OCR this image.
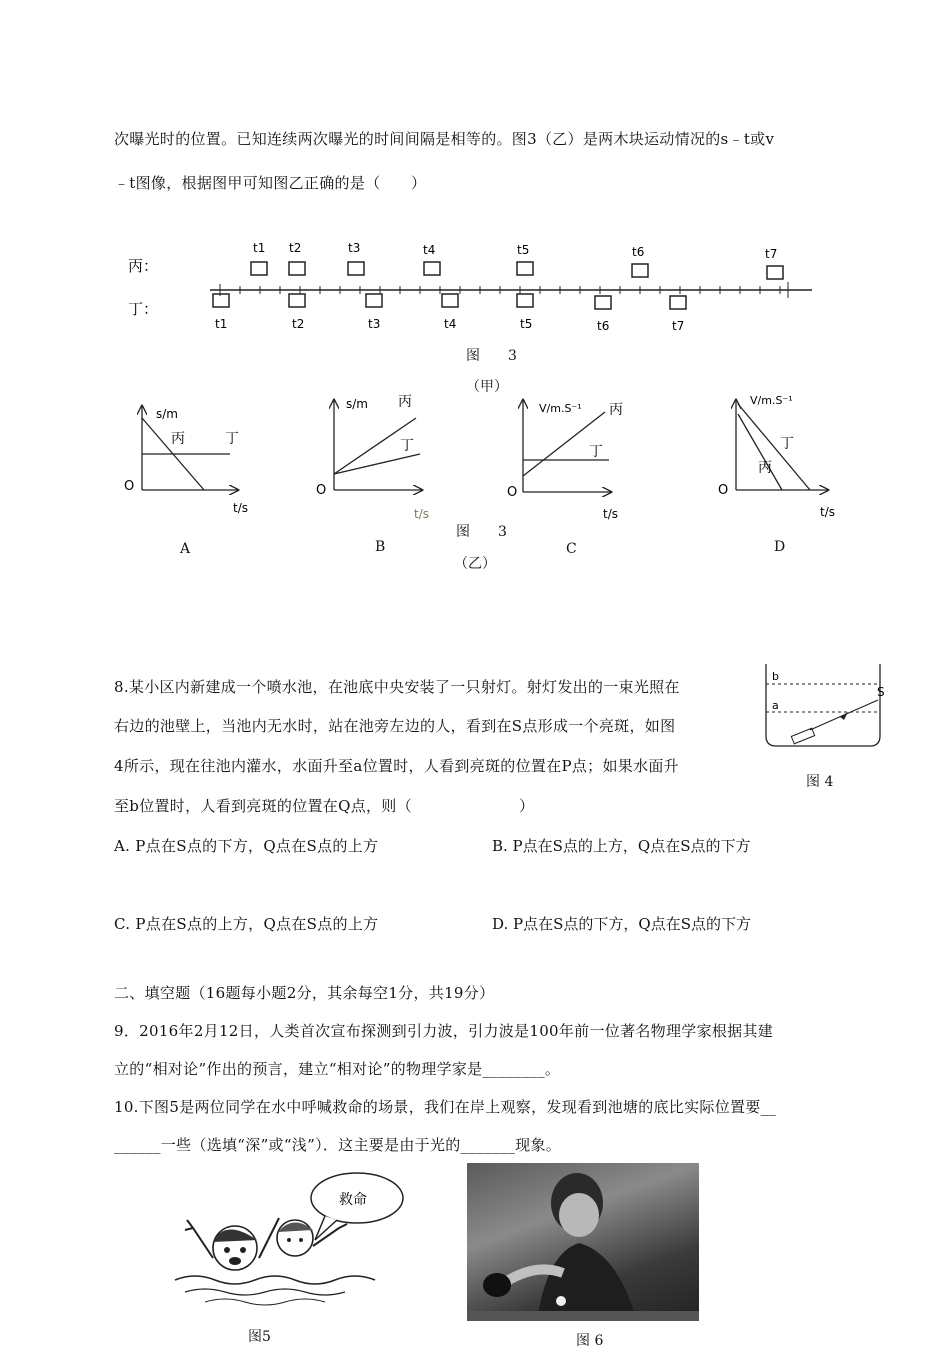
次曝光时的位置。已知连续两次曝光的时间间隔是相等的。图3（乙）是两木块运动情况的s﹣t或v
﹣t图像，根据图甲可知图乙正确的是（　　）
丙：
丁：
t1 t2	t3	t4	t5	t6	t7
t1	t2	t3	t4	t5	t6	t7
图　　3
（甲）
s/m
t/s
O
丙	丁
s/m
t/s
O
丙
丁
V/m.S⁻¹
t/s
O
丙
丁
V/m.S⁻¹
t/s
O
丁
丙
A	B	C	D
图　　3
（乙）
8.某小区内新建成一个喷水池，在池底中央安装了一只射灯。射灯发出的一束光照在
右边的池壁上，当池内无水时，站在池旁左边的人，看到在S点形成一个亮斑，如图
4所示，现在往池内灌水，水面升至a位置时，人看到亮斑的位置在P点；如果水面升
至b位置时，人看到亮斑的位置在Q点，则（　　　　　　　）
b
a
S
图 4
A. P点在S点的下方，Q点在S点的上方	B. P点在S点的上方，Q点在S点的下方
C. P点在S点的上方，Q点在S点的上方	D. P点在S点的下方，Q点在S点的下方
二、填空题（16题每小题2分，其余每空1分，共19分）
9．2016年2月12日，人类首次宣布探测到引力波，引力波是100年前一位著名物理学家根据其建
立的“相对论”作出的预言，建立“相对论”的物理学家是________。
10.下图5是两位同学在水中呼喊救命的场景，我们在岸上观察，发现看到池塘的底比实际位置要__
______一些（选填“深”或“浅”）．这主要是由于光的_______现象。
救命
图5	图 6
